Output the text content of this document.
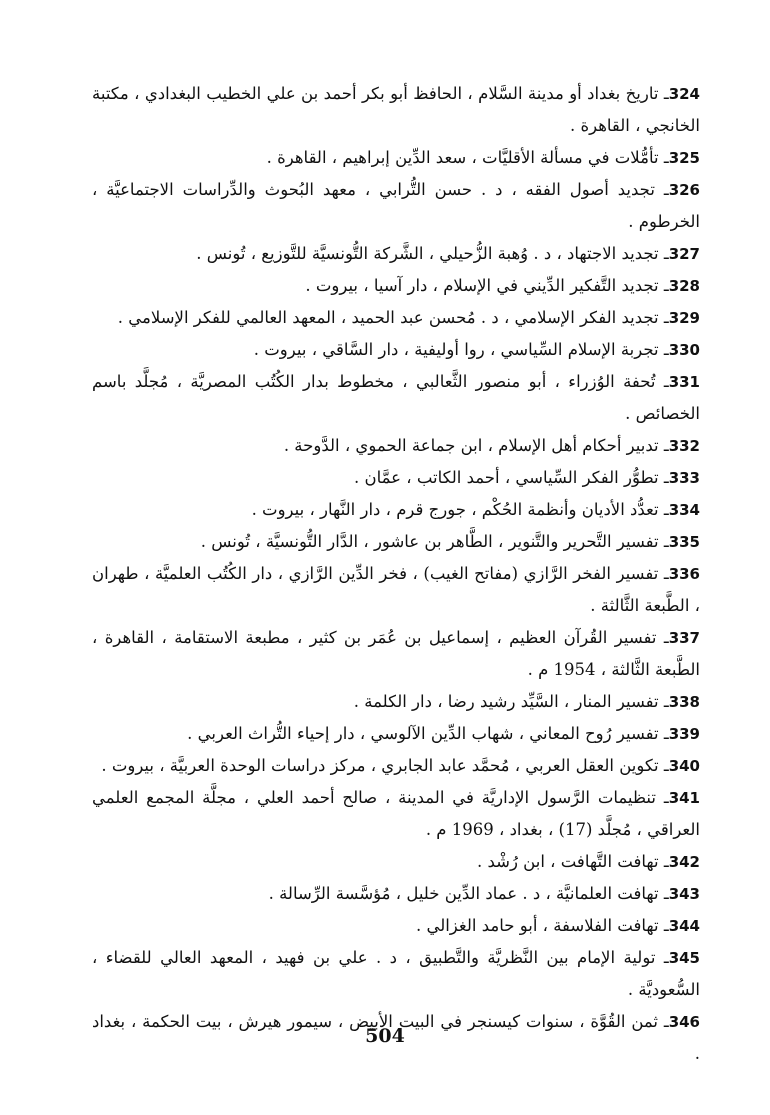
324ـ تاريخ بغداد أو مدينة السَّلام ، الحافظ أبو بكر أحمد بن علي الخطيب البغدادي ، مكتبة الخانجي ، القاهرة .
325ـ تأمُّلات في مسألة الأقليَّات ، سعد الدِّين إبراهيم ، القاهرة .
326ـ تجديد أصول الفقه ، د . حسن التُّرابي ، معهد البُحوث والدِّراسات الاجتماعيَّة ، الخرطوم .
327ـ تجديد الاجتهاد ، د . وُهبة الزُّحيلي ، الشَّركة التُّونسيَّة للتَّوزيع ، تُونس .
328ـ تجديد التَّفكير الدِّيني في الإسلام ، دار آسيا ، بيروت .
329ـ تجديد الفكر الإسلامي ، د . مُحسن عبد الحميد ، المعهد العالمي للفكر الإسلامي .
330ـ تجربة الإسلام السِّياسي ، روا أوليفية ، دار السَّاقي ، بيروت .
331ـ تُحفة الوُزراء ، أبو منصور الثَّعالبي ، مخطوط بدار الكُتُب المصريَّة ، مُجلَّد باسم الخصائص .
332ـ تدبير أحكام أهل الإسلام ، ابن جماعة الحموي ، الدَّوحة .
333ـ تطوُّر الفكر السِّياسي ، أحمد الكاتب ، عمَّان .
334ـ تعدُّد الأديان وأنظمة الحُكْم ، جورج قرم ، دار النَّهار ، بيروت .
335ـ تفسير التَّحرير والتَّنوير ، الطَّاهر بن عاشور ، الدَّار التُّونسيَّة ، تُونس .
336ـ تفسير الفخر الرَّازي (مفاتح الغيب) ، فخر الدِّين الرَّازي ، دار الكُتُب العلميَّة ، طهران ، الطَّبعة الثَّالثة .
337ـ تفسير القُرآن العظيم ، إسماعيل بن عُمَر بن كثير ، مطبعة الاستقامة ، القاهرة ، الطَّبعة الثَّالثة ، 1954 م .
338ـ تفسير المنار ، السَّيِّد رشيد رضا ، دار الكلمة .
339ـ تفسير رُوح المعاني ، شهاب الدِّين الآلوسي ، دار إحياء التُّراث العربي .
340ـ تكوين العقل العربي ، مُحمَّد عابد الجابري ، مركز دراسات الوحدة العربيَّة ، بيروت .
341ـ تنظيمات الرَّسول الإداريَّة في المدينة ، صالح أحمد العلي ، مجلَّة المجمع العلمي العراقي ، مُجلَّد (17) ، بغداد ، 1969 م .
342ـ تهافت التَّهافت ، ابن رُشْد .
343ـ تهافت العلمانيَّة ، د . عماد الدِّين خليل ، مُؤسَّسة الرِّسالة .
344ـ تهافت الفلاسفة ، أبو حامد الغزالي .
345ـ تولية الإمام بين النَّظريَّة والتَّطبيق ، د . علي بن فهيد ، المعهد العالي للقضاء ، السُّعوديَّة .
346ـ ثمن القُوَّة ، سنوات كيسنجر في البيت الأبيض ، سيمور هيرش ، بيت الحكمة ، بغداد .
504
